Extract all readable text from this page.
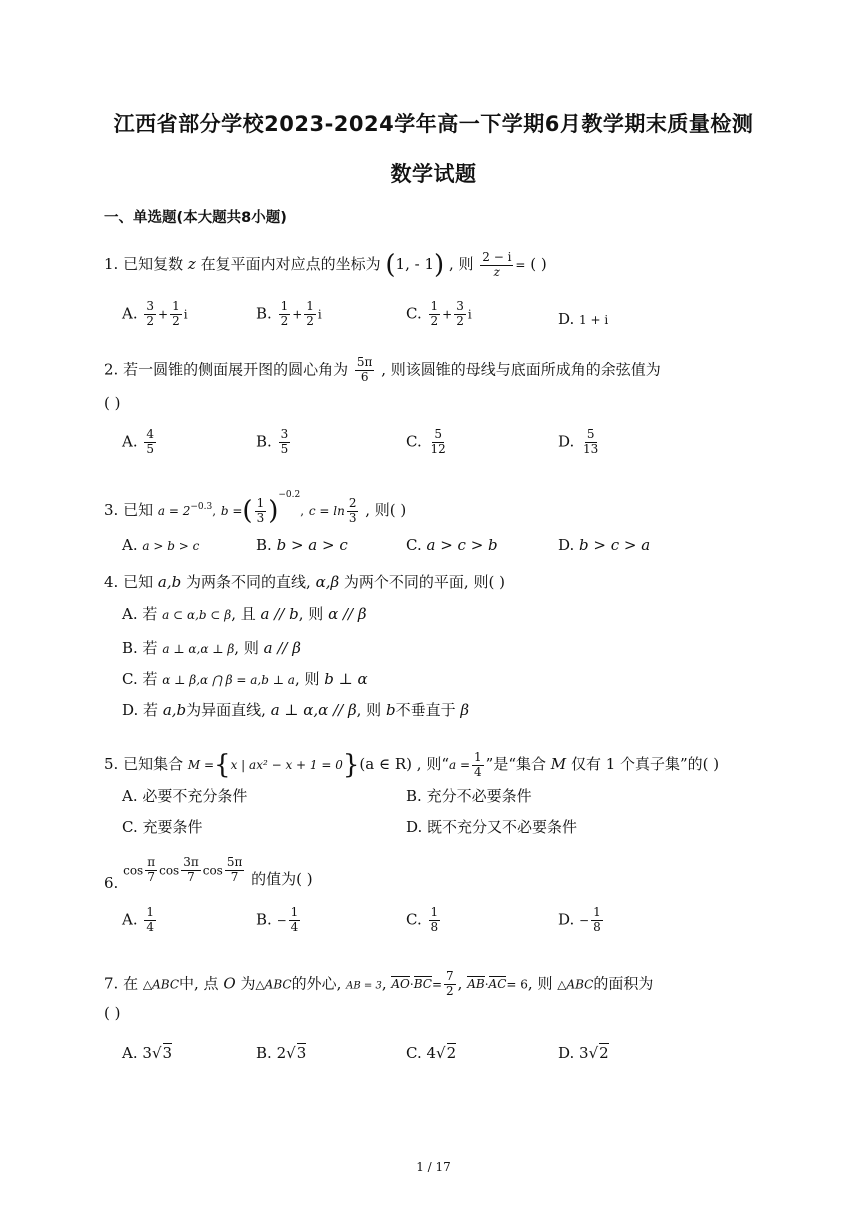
江西省部分学校2023-2024学年高一下学期6月教学期末质量检测
数学试题
一、单选题(本大题共8小题)
1. 已知复数 z 在复平面内对应点的坐标为 (1, - 1) , 则 $\frac{2 - i}{z}$ = ( )
A. $\frac{3}{2} + \frac{1}{2}$ i	B. $\frac{1}{2} + \frac{1}{2}$ i	C. $\frac{1}{2} + \frac{3}{2}$ i	D. 1 + i
2. 若一圆锥的侧面展开图的圆心角为 $\frac{5\pi}{6}$ , 则该圆锥的母线与底面所成角的余弦值为
( )
A. $\frac{4}{5}$	B. $\frac{3}{5}$	C. $\frac{5}{12}$	D. $\frac{5}{13}$
3. 已知 $a = 2^{-0.3}$, b =( $\frac{1}{3} )^{-0.2}$, $c = \ln \frac{2}{3}$ , 则( )
A. a > b > c	B. b > a > c	C. a > c > b	D. b > c > a
4. 已知 a,b 为两条不同的直线, α,β 为两个不同的平面, 则( )
A. 若 a ⊂ α,b ⊂ β, 且 a // b, 则 α // β
B. 若 a ⊥ α,α ⊥ β, 则 a // β
C. 若 α ⊥ β,α ⋂ β = a,b ⊥ a, 则 b ⊥ α
D. 若 a,b为异面直线, a ⊥ α,α // β, 则 b不垂直于 β
5. 已知集合 M ={x | ax² − x + 1 = 0}(a ∈ R) , 则“$a = \frac{1}{4}$ ”是“集合 M 仅有 1 个真子集”的( )
A. 必要不充分条件	B. 充分不必要条件
C. 充要条件	D. 既不充分又不必要条件
6. $\cos \frac{\pi}{7}$ $\cos \frac{3\pi}{7}$ $\cos \frac{5\pi}{7}$ 的值为( )
A. $\frac{1}{4}$	B. − $\frac{1}{4}$	C. $\frac{1}{8}$	D. − $\frac{1}{8}$
7. 在 △ABC中, 点 O 为△ABC的外心, AB = 3, $AO\cdot BC= \frac{7}{2}$ , AB·AC= 6, 则 △ABC的面积为
( )
A. 3√3	B. 2√3	C. 4√2	D. 3√2
1 / 17
